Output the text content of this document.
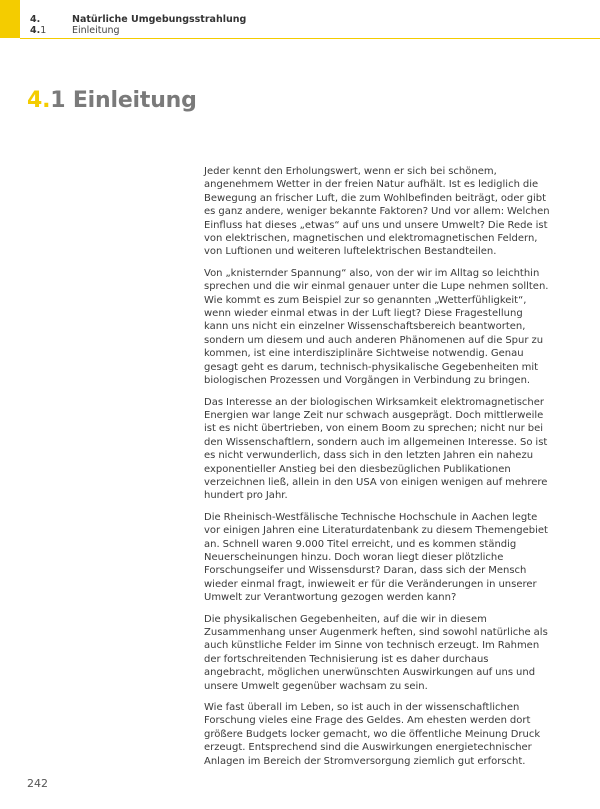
4.	Natürliche Umgebungsstrahlung
4.1	Einleitung
4.1 Einleitung

Jeder kennt den Erholungswert, wenn er sich bei schönem, angenehmem Wetter in der freien Natur aufhält. Ist es lediglich die Bewegung an frischer Luft, die zum Wohlbefinden beiträgt, oder gibt es ganz andere, weniger bekannte Faktoren? Und vor allem: Welchen Einfluss hat dieses „etwas“ auf uns und unsere Umwelt? Die Rede ist von elektrischen, magnetischen und elektromagnetischen Feldern, von Luftionen und weiteren luftelektrischen Bestandteilen.

Von „knisternder Spannung“ also, von der wir im Alltag so leichthin sprechen und die wir einmal genauer unter die Lupe nehmen sollten. Wie kommt es zum Beispiel zur so genannten „Wetterfühligkeit“, wenn wieder einmal etwas in der Luft liegt? Diese Fragestellung kann uns nicht ein einzelner Wissenschaftsbereich beantworten, sondern um diesem und auch anderen Phänomenen auf die Spur zu kommen, ist eine interdisziplinäre Sichtweise notwendig. Genau gesagt geht es darum, technisch-physikalische Gegebenheiten mit biologischen Prozessen und Vorgängen in Verbindung zu bringen.

Das Interesse an der biologischen Wirksamkeit elektromagnetischer Energien war lange Zeit nur schwach ausgeprägt. Doch mittlerweile ist es nicht übertrieben, von einem Boom zu sprechen; nicht nur bei den Wissenschaftlern, sondern auch im allgemeinen Interesse. So ist es nicht verwunderlich, dass sich in den letzten Jahren ein nahezu exponentieller Anstieg bei den diesbezüglichen Publikationen verzeichnen ließ, allein in den USA von einigen wenigen auf mehrere hundert pro Jahr.

Die Rheinisch-Westfälische Technische Hochschule in Aachen legte vor einigen Jahren eine Literaturdatenbank zu diesem Themengebiet an. Schnell waren 9.000 Titel erreicht, und es kommen ständig Neuerscheinungen hinzu. Doch woran liegt dieser plötzliche Forschungseifer und Wissensdurst? Daran, dass sich der Mensch wieder einmal fragt, inwieweit er für die Veränderungen in unserer Umwelt zur Verantwortung gezogen werden kann?

Die physikalischen Gegebenheiten, auf die wir in diesem Zusammenhang unser Augenmerk heften, sind sowohl natürliche als auch künstliche Felder im Sinne von technisch erzeugt. Im Rahmen der fortschreitenden Technisierung ist es daher durchaus angebracht, möglichen unerwünschten Auswirkungen auf uns und unsere Umwelt gegenüber wachsam zu sein.

Wie fast überall im Leben, so ist auch in der wissenschaftlichen Forschung vieles eine Frage des Geldes. Am ehesten werden dort größere Budgets locker gemacht, wo die öffentliche Meinung Druck erzeugt. Entsprechend sind die Auswirkungen energietechnischer Anlagen im Bereich der Stromversorgung ziemlich gut erforscht.

242
